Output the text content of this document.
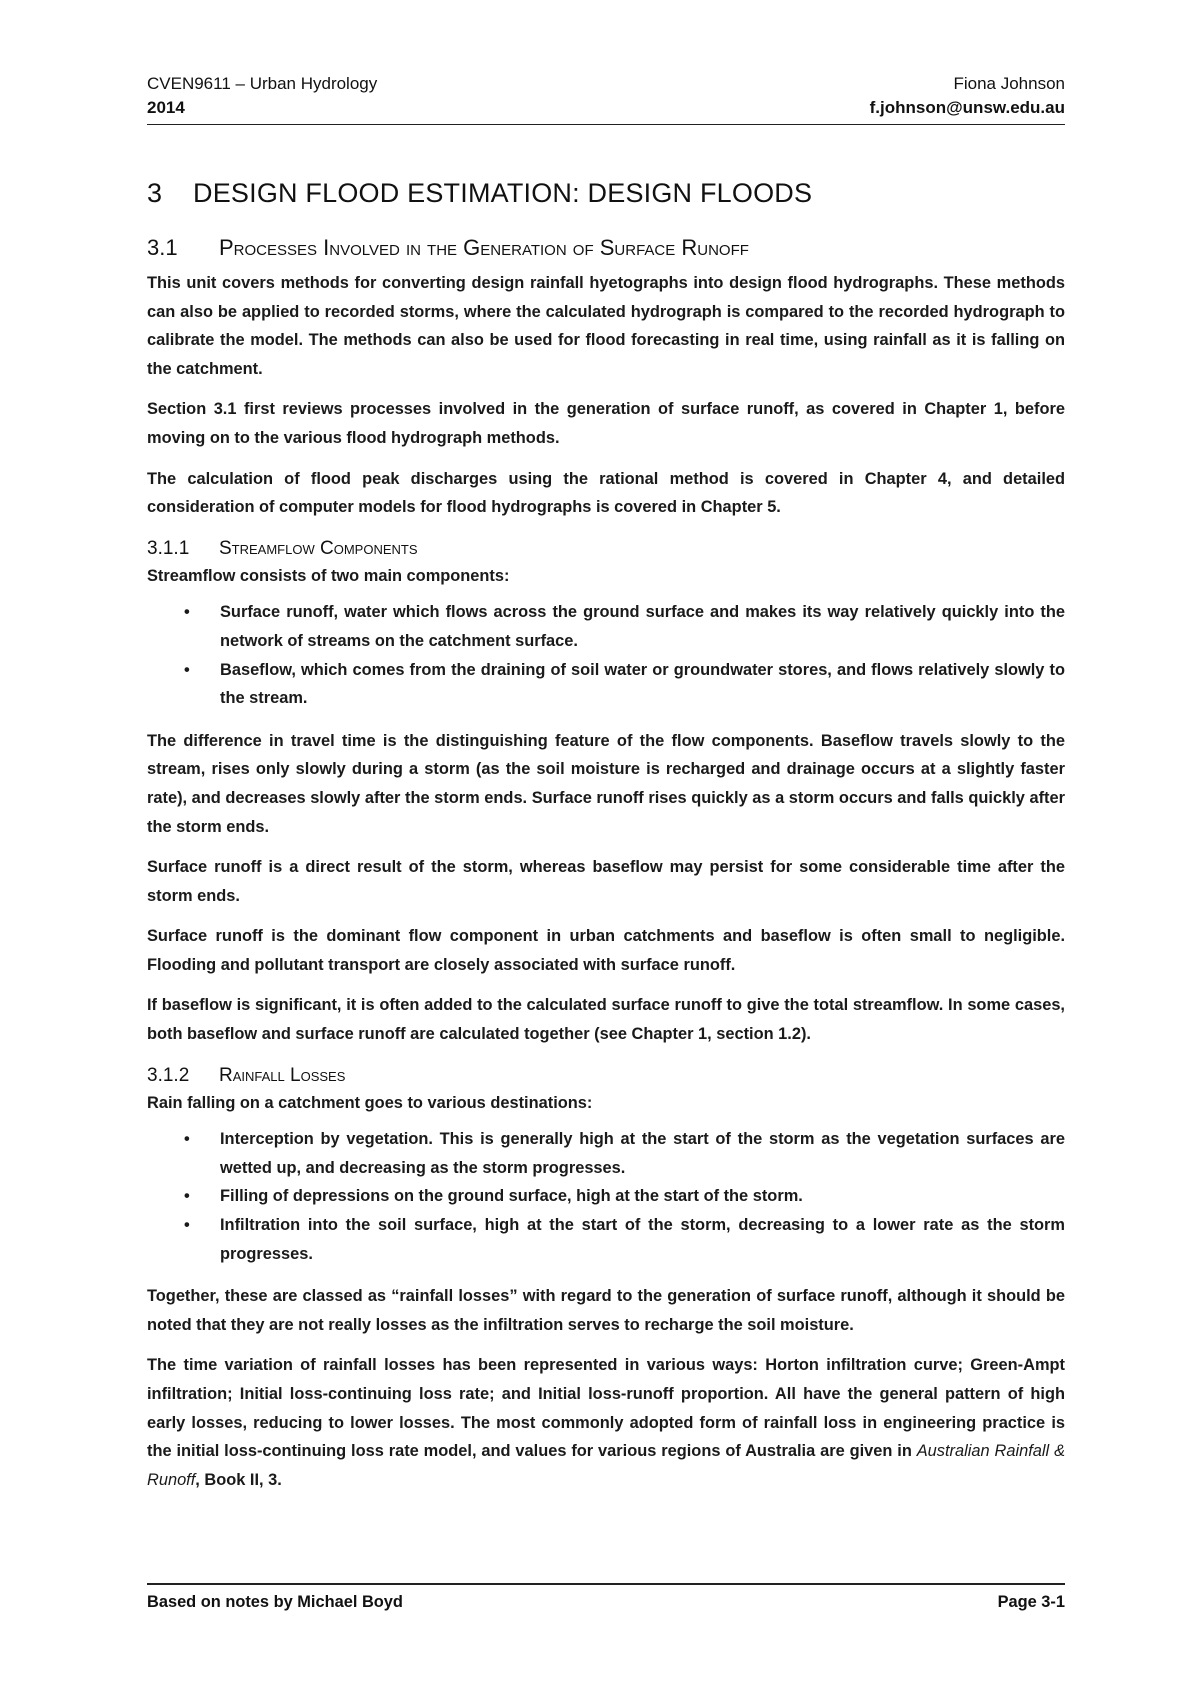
CVEN9611 – Urban Hydrology
2014
Fiona Johnson
f.johnson@unsw.edu.au
3 DESIGN FLOOD ESTIMATION: DESIGN FLOODS
3.1 Processes Involved in the Generation of Surface Runoff

This unit covers methods for converting design rainfall hyetographs into design flood hydrographs. These methods can also be applied to recorded storms, where the calculated hydrograph is compared to the recorded hydrograph to calibrate the model. The methods can also be used for flood forecasting in real time, using rainfall as it is falling on the catchment.

Section 3.1 first reviews processes involved in the generation of surface runoff, as covered in Chapter 1, before moving on to the various flood hydrograph methods.

The calculation of flood peak discharges using the rational method is covered in Chapter 4, and detailed consideration of computer models for flood hydrographs is covered in Chapter 5.

3.1.1 Streamflow Components

Streamflow consists of two main components:

• Surface runoff, water which flows across the ground surface and makes its way relatively quickly into the network of streams on the catchment surface.
• Baseflow, which comes from the draining of soil water or groundwater stores, and flows relatively slowly to the stream.

The difference in travel time is the distinguishing feature of the flow components. Baseflow travels slowly to the stream, rises only slowly during a storm (as the soil moisture is recharged and drainage occurs at a slightly faster rate), and decreases slowly after the storm ends. Surface runoff rises quickly as a storm occurs and falls quickly after the storm ends.

Surface runoff is a direct result of the storm, whereas baseflow may persist for some considerable time after the storm ends.

Surface runoff is the dominant flow component in urban catchments and baseflow is often small to negligible. Flooding and pollutant transport are closely associated with surface runoff.

If baseflow is significant, it is often added to the calculated surface runoff to give the total streamflow. In some cases, both baseflow and surface runoff are calculated together (see Chapter 1, section 1.2).

3.1.2 Rainfall Losses

Rain falling on a catchment goes to various destinations:

• Interception by vegetation. This is generally high at the start of the storm as the vegetation surfaces are wetted up, and decreasing as the storm progresses.
• Filling of depressions on the ground surface, high at the start of the storm.
• Infiltration into the soil surface, high at the start of the storm, decreasing to a lower rate as the storm progresses.

Together, these are classed as “rainfall losses” with regard to the generation of surface runoff, although it should be noted that they are not really losses as the infiltration serves to recharge the soil moisture.

The time variation of rainfall losses has been represented in various ways: Horton infiltration curve; Green-Ampt infiltration; Initial loss-continuing loss rate; and Initial loss-runoff proportion. All have the general pattern of high early losses, reducing to lower losses. The most commonly adopted form of rainfall loss in engineering practice is the initial loss-continuing loss rate model, and values for various regions of Australia are given in Australian Rainfall & Runoff, Book II, 3.

Based on notes by Michael Boyd	Page 3-1
